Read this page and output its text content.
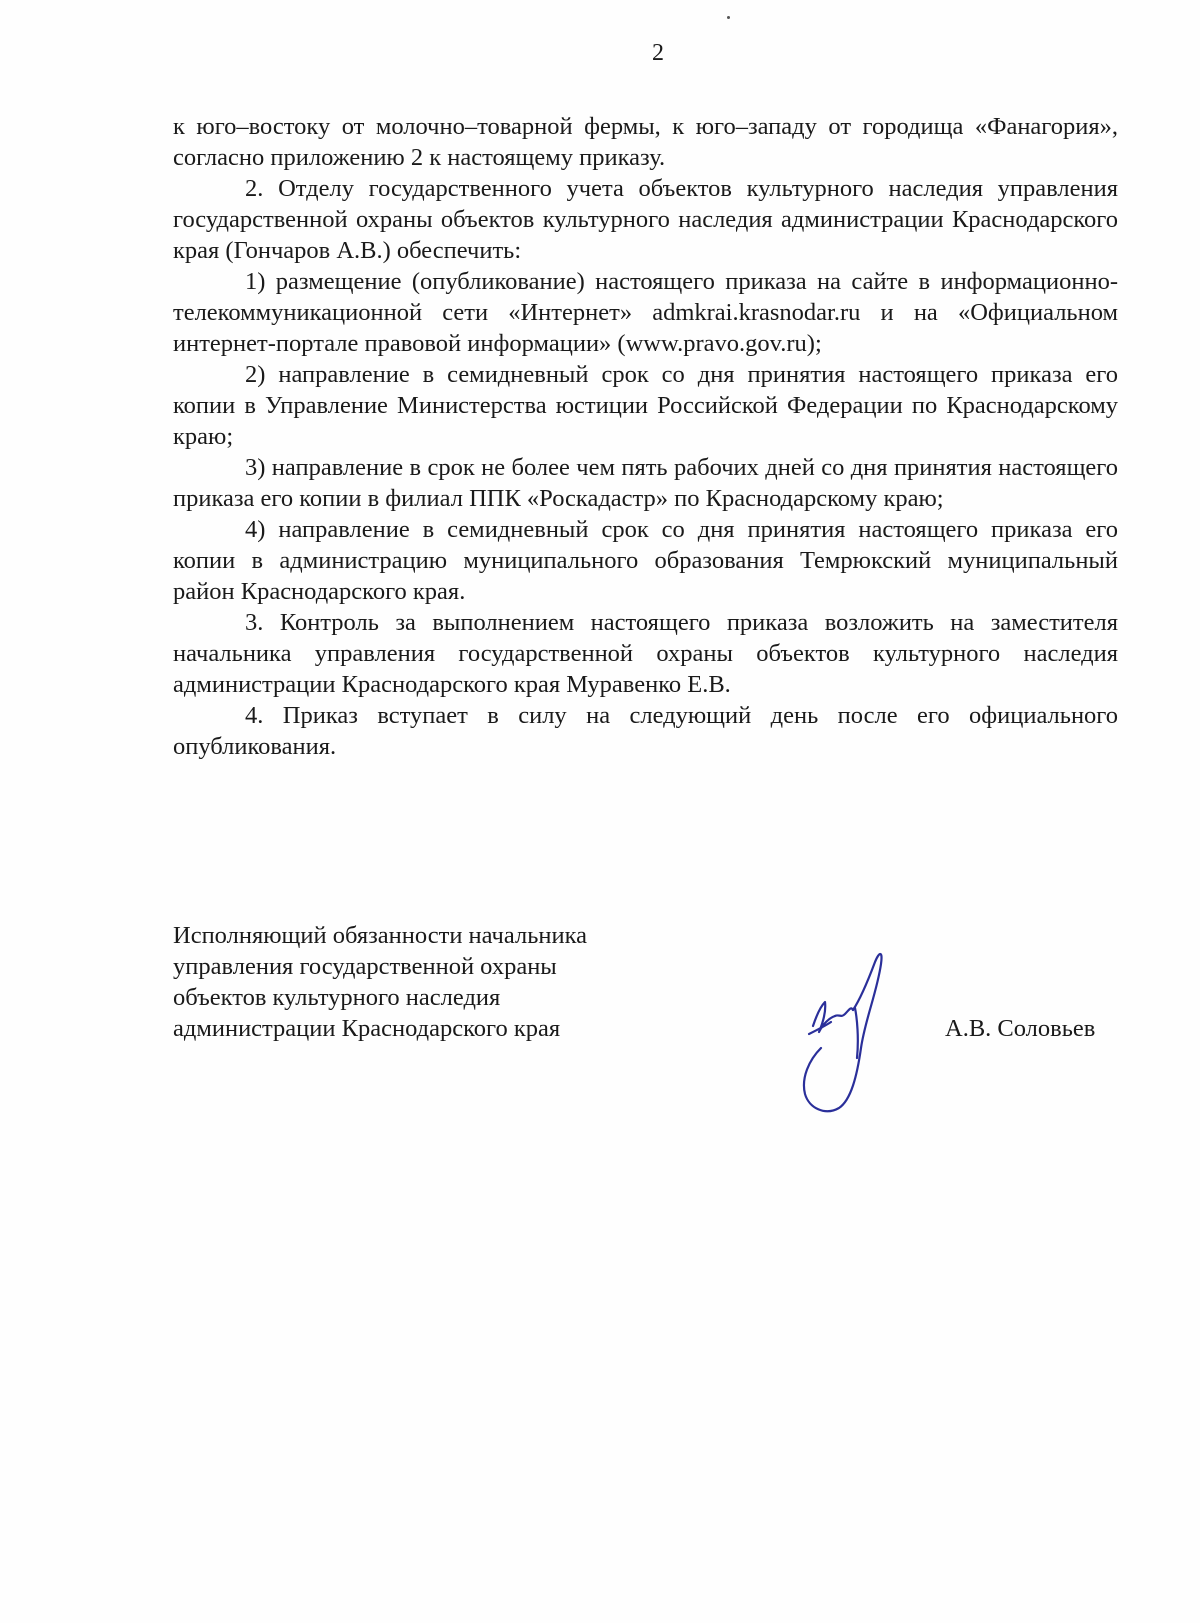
2

к юго–востоку от молочно–товарной фермы, к юго–западу от городища «Фанагория», согласно приложению 2 к настоящему приказу.

2. Отделу государственного учета объектов культурного наследия управления государственной охраны объектов культурного наследия администрации Краснодарского края (Гончаров А.В.) обеспечить:

1) размещение (опубликование) настоящего приказа на сайте в информационно-телекоммуникационной сети «Интернет» admkrai.krasnodar.ru и на «Официальном интернет-портале правовой информации» (www.pravo.gov.ru);

2) направление в семидневный срок со дня принятия настоящего приказа его копии в Управление Министерства юстиции Российской Федерации по Краснодарскому краю;

3) направление в срок не более чем пять рабочих дней со дня принятия настоящего приказа его копии в филиал ППК «Роскадастр» по Краснодарскому краю;

4) направление в семидневный срок со дня принятия настоящего приказа его копии в администрацию муниципального образования Темрюкский муниципальный район Краснодарского края.

3. Контроль за выполнением настоящего приказа возложить на заместителя начальника управления государственной охраны объектов культурного наследия администрации Краснодарского края Муравенко Е.В.

4. Приказ вступает в силу на следующий день после его официального опубликования.

Исполняющий обязанности начальника
управления государственной охраны
объектов культурного наследия
администрации Краснодарского края	А.В. Соловьев
